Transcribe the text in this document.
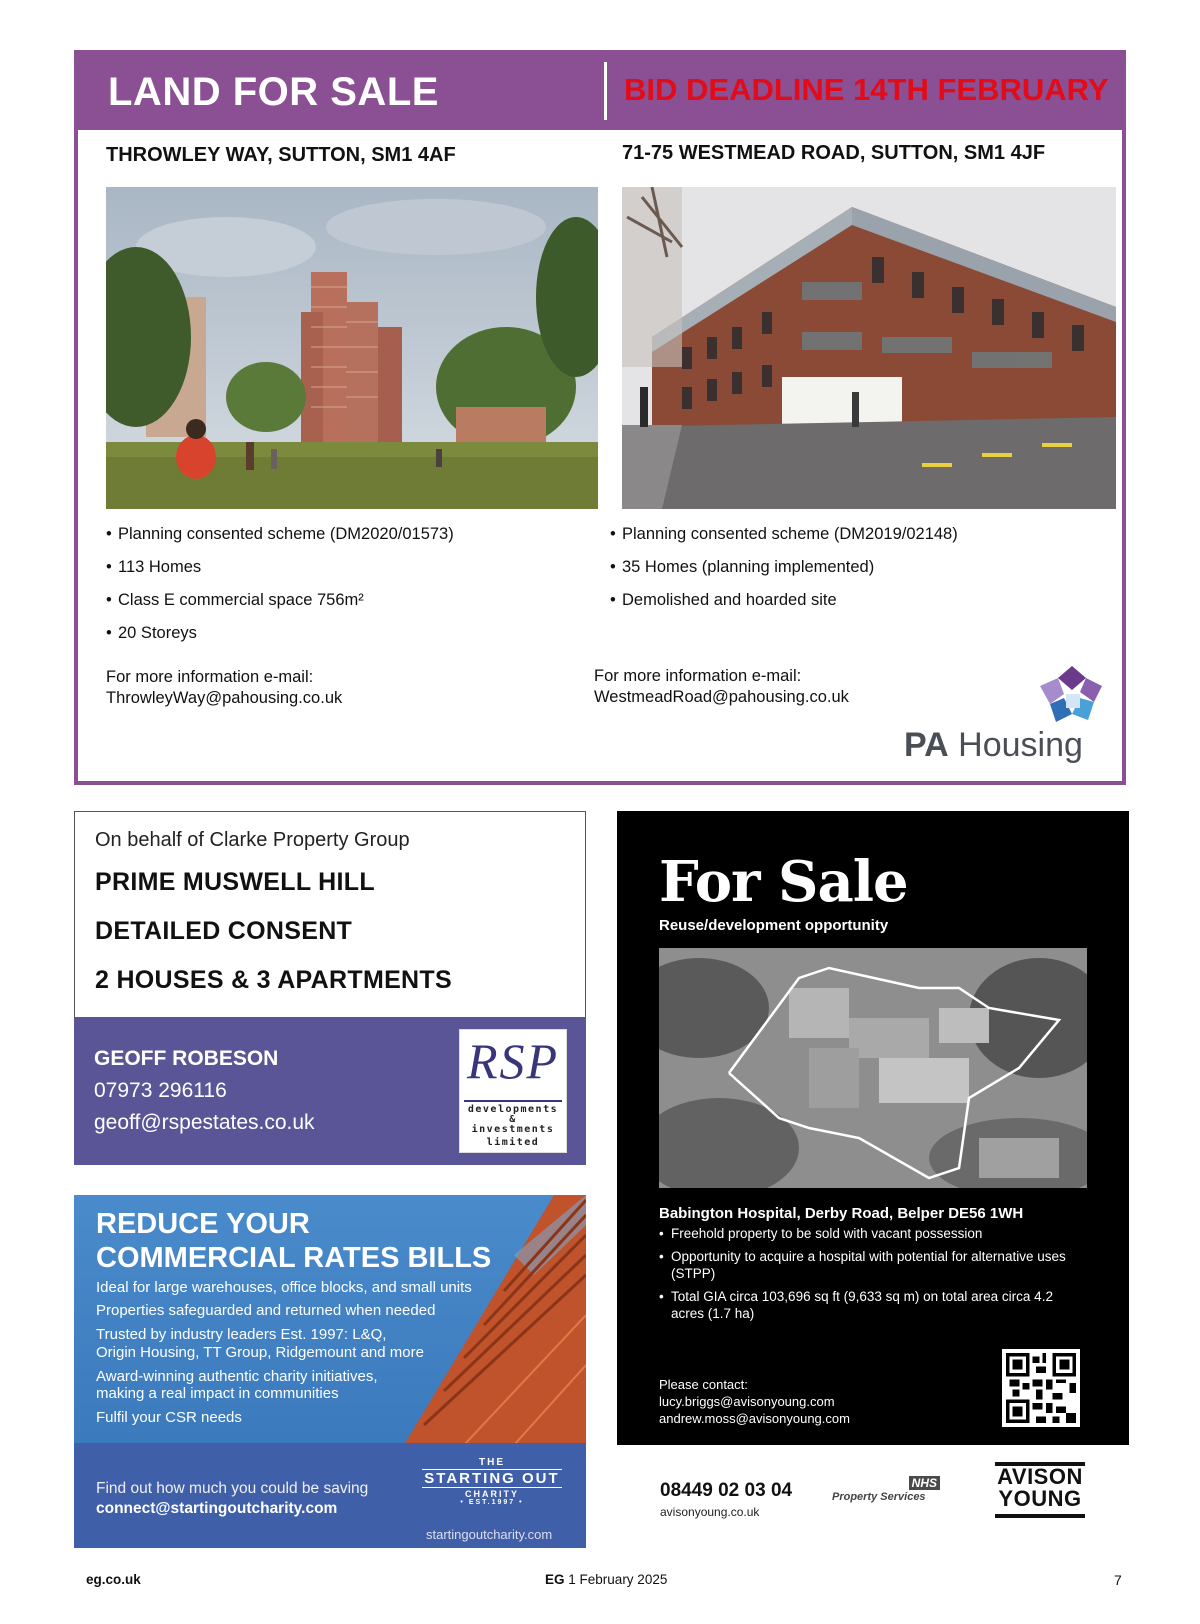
LAND FOR SALE	BID DEADLINE 14TH FEBRUARY
THROWLEY WAY, SUTTON, SM1 4AF
• Planning consented scheme (DM2020/01573)
• 113 Homes
• Class E commercial space 756m²
• 20 Storeys
For more information e-mail:
ThrowleyWay@pahousing.co.uk
71-75 WESTMEAD ROAD, SUTTON, SM1 4JF
• Planning consented scheme (DM2019/02148)
• 35 Homes (planning implemented)
• Demolished and hoarded site
For more information e-mail:
WestmeadRoad@pahousing.co.uk
PA Housing
On behalf of Clarke Property Group
PRIME MUSWELL HILL
DETAILED CONSENT
2 HOUSES & 3 APARTMENTS
GEOFF ROBESON
07973 296116
geoff@rspestates.co.uk
RSP
developments
&
investments
limited
REDUCE YOUR
COMMERCIAL RATES BILLS
Ideal for large warehouses, office blocks, and small units
Properties safeguarded and returned when needed
Trusted by industry leaders Est. 1997: L&Q,
Origin Housing, TT Group, Ridgemount and more
Award-winning authentic charity initiatives,
making a real impact in communities
Fulfil your CSR needs
Find out how much you could be saving
connect@startingoutcharity.com
THE
STARTING OUT
CHARITY
• EST.1997 •
startingoutcharity.com
For Sale
Reuse/development opportunity
Babington Hospital, Derby Road, Belper DE56 1WH
• Freehold property to be sold with vacant possession
• Opportunity to acquire a hospital with potential for alternative uses (STPP)
• Total GIA circa 103,696 sq ft (9,633 sq m) on total area circa 4.2 acres (1.7 ha)
Please contact:
lucy.briggs@avisonyoung.com
andrew.moss@avisonyoung.com
08449 02 03 04
avisonyoung.co.uk
NHS
Property Services
AVISON
YOUNG
eg.co.uk	EG 1 February 2025	7
